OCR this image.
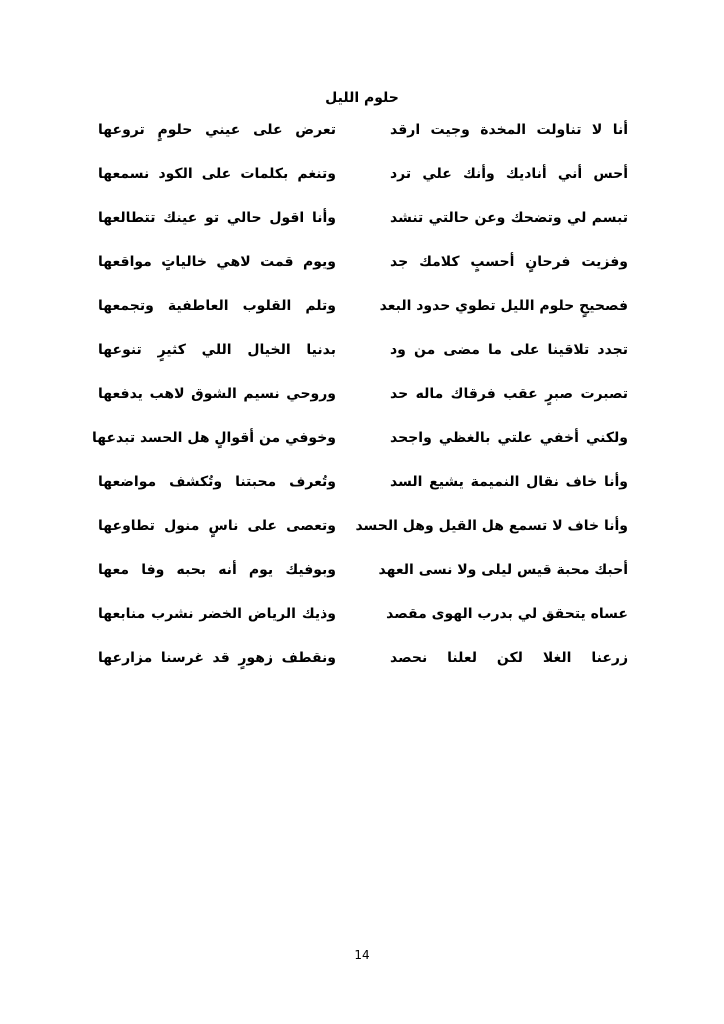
حلوم الليل
أنا لا تناولت المخدة وجيت ارقد
تعرض على عيني حلومٍ تروعها
أحس أني أناديك وأنك علي ترد
وتنغم بكلمات على الكود نسمعها
تبسم لي وتضحك وعن حالتي تنشد
وأنا اقول حالي تو عينك تتطالعها
وفزيت فرحانٍ أحسبٍ كلامك جد
ويوم قمت لاهي خالياتٍ مواقعها
فصحيحٍ حلوم الليل تطوي حدود البعد
وتلم القلوب العاطفية وتجمعها
تجدد تلاقينا على ما مضى من ود
بدنيا الخيال اللي كثيرٍ تنوعها
تصبرت صبرٍ عقب فرقاك ماله حد
وروحي نسيم الشوق لاهب يدفعها
ولكني أخفي علتي بالغظي واجحد
وخوفي من أقوالٍ هل الحسد تبدعها
وأنا خاف نقال النميمة يشيع السد
وتُعرف محبتنا وتُكشف مواضعها
وأنا خاف لا تسمع هل القيل وهل الحسد
وتعصى على ناسٍ منول تطاوعها
أحبك محبة قيس ليلى ولا نسى العهد
وبوفيك يوم أنه بحبه وفا معها
عساه يتحقق لي بدرب الهوى مقصد
وذيك الرياض الخضر نشرب منابعها
زرعنا الغلا لكن لعلنا نحصد
ونقطف زهورٍ قد غرسنا مزارعها
14
